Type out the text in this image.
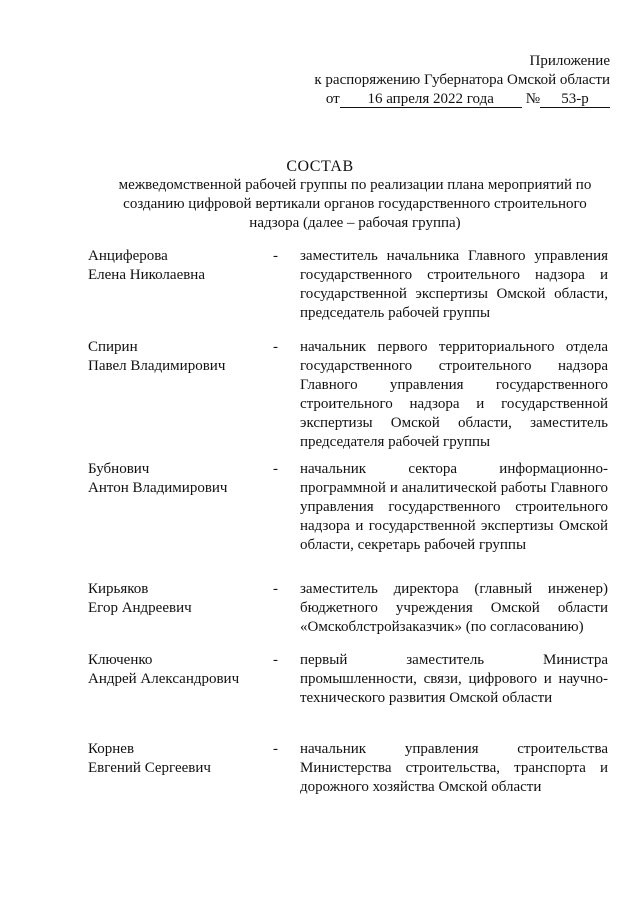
Приложение
к распоряжению Губернатора Омской области
от	16 апреля 2022 года	№	53-р
СОСТАВ
межведомственной рабочей группы по реализации плана мероприятий по созданию цифровой вертикали органов государственного строительного надзора (далее – рабочая группа)
Анциферова
Елена Николаевна
-	заместитель начальника Главного управления государственного строительного надзора и государственной экспертизы Омской области, председатель рабочей группы
Спирин
Павел Владимирович
-	начальник первого территориального отдела государственного строительного надзора Главного управления государственного строительного надзора и государственной экспертизы Омской области, заместитель председателя рабочей группы
Бубнович
Антон Владимирович
-	начальник сектора информационно-программной и аналитической работы Главного управления государственного строительного надзора и государственной экспертизы Омской области, секретарь рабочей группы
Кирьяков
Егор Андреевич
-	заместитель директора (главный инженер) бюджетного учреждения Омской области «Омскоблстройзаказчик» (по согласованию)
Ключенко
Андрей Александрович
-	первый заместитель Министра промышленности, связи, цифрового и научно-технического развития Омской области
Корнев
Евгений Сергеевич
-	начальник управления строительства Министерства строительства, транспорта и дорожного хозяйства Омской области
